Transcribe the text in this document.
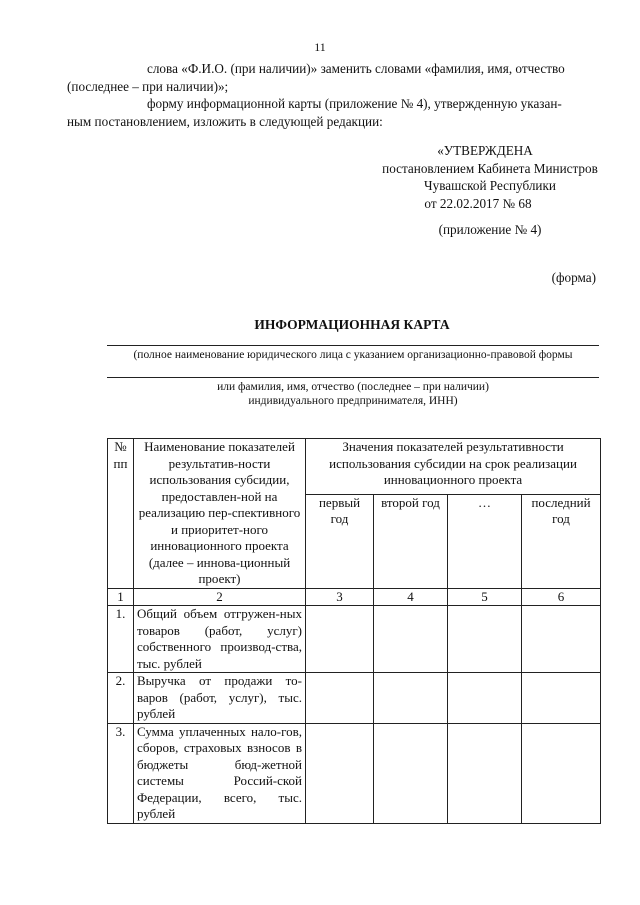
11
слова «Ф.И.О. (при наличии)» заменить словами «фамилия, имя, отчество
(последнее – при наличии)»;
форму информационной карты (приложение № 4), утвержденную указан-
ным постановлением, изложить в следующей редакции:
«УТВЕРЖДЕНА
постановлением Кабинета Министров
Чувашской Республики
от 22.02.2017 № 68
(приложение № 4)
(форма)
ИНФОРМАЦИОННАЯ КАРТА
(полное наименование юридического лица с указанием организационно-правовой формы
или фамилия, имя, отчество (последнее – при наличии)
индивидуального предпринимателя, ИНН)
№ пп	Наименование показателей результатив-ности использования субсидии, предоставлен-ной на реализацию пер-спективного и приоритет-ного инновационного проекта (далее – иннова-ционный проект)	Значения показателей результативности использования субсидии на срок реализации инновационного проекта			
		первый год	второй год	…	последний год
1	2	3	4	5	6
1.	Общий объем отгружен-ных товаров (работ, услуг) собственного производ-ства, тыс. рублей				
2.	Выручка от продажи то-варов (работ, услуг), тыс. рублей				
3.	Сумма уплаченных нало-гов, сборов, страховых взносов в бюджеты бюд-жетной системы Россий-ской Федерации, всего, тыс. рублей				
